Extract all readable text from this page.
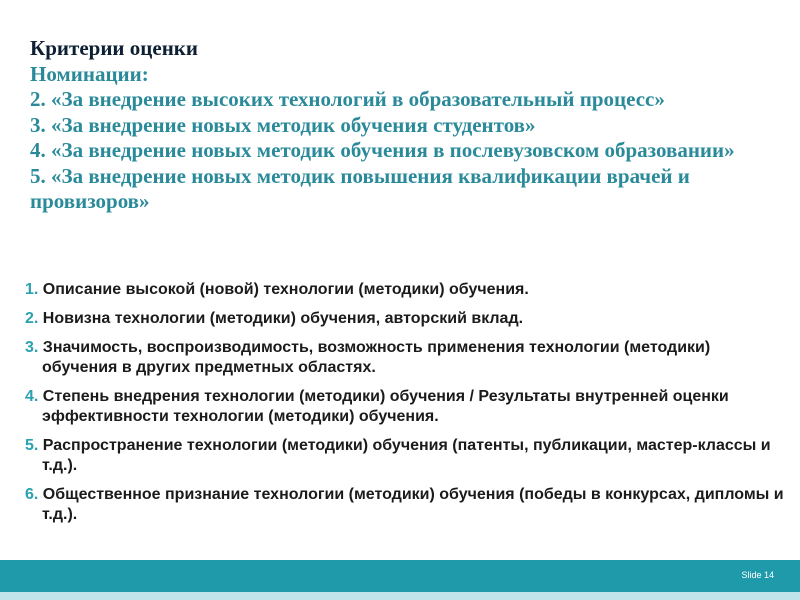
Критерии оценки
Номинации:
2. «За внедрение высоких технологий в образовательный процесс»
3. «За внедрение новых методик обучения студентов»
4. «За внедрение новых методик обучения в послевузовском образовании»
5. «За внедрение новых методик повышения квалификации врачей и провизоров»
1. Описание высокой (новой) технологии (методики) обучения.
2. Новизна технологии (методики) обучения, авторский вклад.
3. Значимость, воспроизводимость, возможность применения технологии (методики) обучения в других предметных областях.
4. Степень внедрения технологии (методики) обучения / Результаты внутренней оценки эффективности технологии (методики) обучения.
5. Распространение технологии (методики) обучения (патенты, публикации, мастер-классы и т.д.).
6. Общественное признание технологии (методики) обучения (победы в конкурсах, дипломы и т.д.).
Slide 14
